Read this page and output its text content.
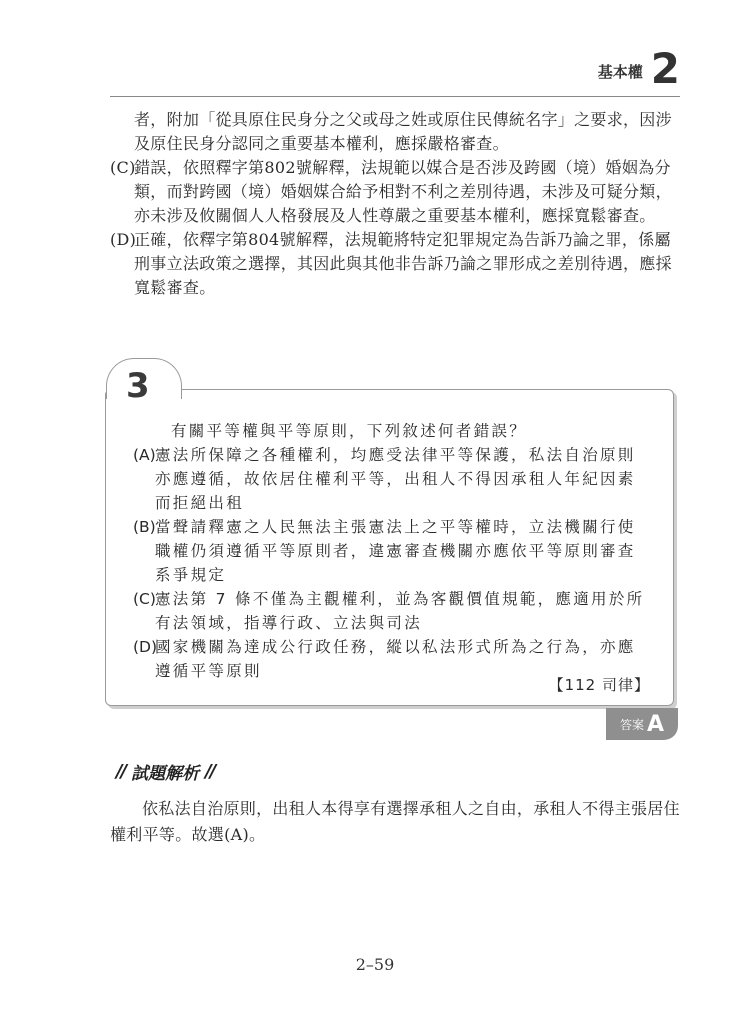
基本權 2
者，附加「從具原住民身分之父或母之姓或原住民傳統名字」之要求，因涉及原住民身分認同之重要基本權利，應採嚴格審查。
(C)
錯誤，依照釋字第802號解釋，法規範以媒合是否涉及跨國（境）婚姻為分類，而對跨國（境）婚姻媒合給予相對不利之差別待遇，未涉及可疑分類，亦未涉及攸關個人人格發展及人性尊嚴之重要基本權利，應採寬鬆審查。
(D)
正確，依釋字第804號解釋，法規範將特定犯罪規定為告訴乃論之罪，係屬刑事立法政策之選擇，其因此與其他非告訴乃論之罪形成之差別待遇，應採寬鬆審查。
3
有關平等權與平等原則，下列敘述何者錯誤？
(A) 憲法所保障之各種權利，均應受法律平等保護，私法自治原則亦應遵循，故依居住權利平等，出租人不得因承租人年紀因素而拒絕出租
(B) 當聲請釋憲之人民無法主張憲法上之平等權時，立法機關行使職權仍須遵循平等原則者，違憲審查機關亦應依平等原則審查系爭規定
(C) 憲法第 7 條不僅為主觀權利，並為客觀價值規範，應適用於所有法領域，指導行政、立法與司法
(D)
國家機關為達成公行政任務，縱以私法形式所為之行為，亦應遵循平等原則
【112 司律】
答案 A
// 試題解析 //
依私法自治原則，出租人本得享有選擇承租人之自由，承租人不得主張居住權利平等。故選(A)。
2–59
